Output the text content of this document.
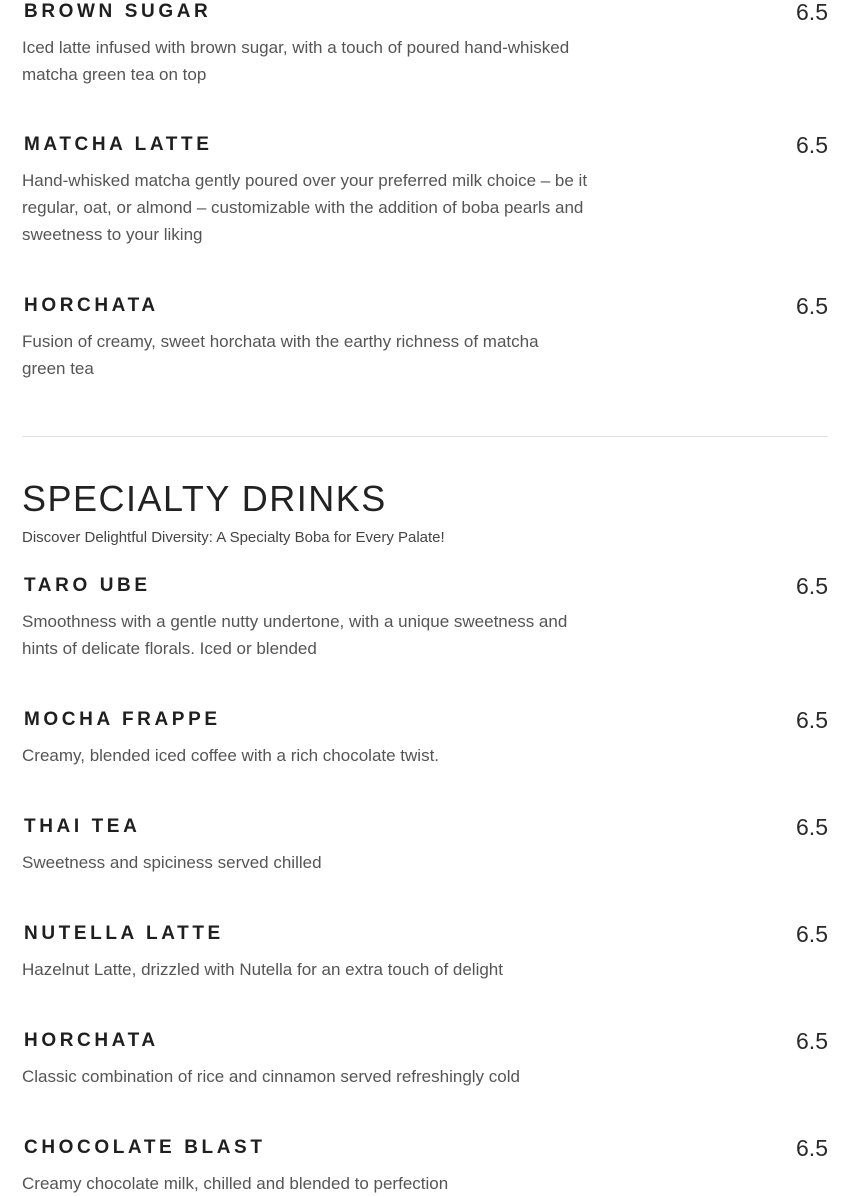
BROWN SUGAR	6.5
Iced latte infused with brown sugar, with a touch of poured hand-whisked matcha green tea on top
MATCHA LATTE	6.5
Hand-whisked matcha gently poured over your preferred milk choice – be it regular, oat, or almond – customizable with the addition of boba pearls and sweetness to your liking
HORCHATA	6.5
Fusion of creamy, sweet horchata with the earthy richness of matcha green tea
SPECIALTY DRINKS
Discover Delightful Diversity: A Specialty Boba for Every Palate!
TARO UBE	6.5
Smoothness with a gentle nutty undertone, with a unique sweetness and hints of delicate florals. Iced or blended
MOCHA FRAPPE	6.5
Creamy, blended iced coffee with a rich chocolate twist.
THAI TEA	6.5
Sweetness and spiciness served chilled
NUTELLA LATTE	6.5
Hazelnut Latte, drizzled with Nutella for an extra touch of delight
HORCHATA	6.5
Classic combination of rice and cinnamon served refreshingly cold
CHOCOLATE BLAST	6.5
Creamy chocolate milk, chilled and blended to perfection
